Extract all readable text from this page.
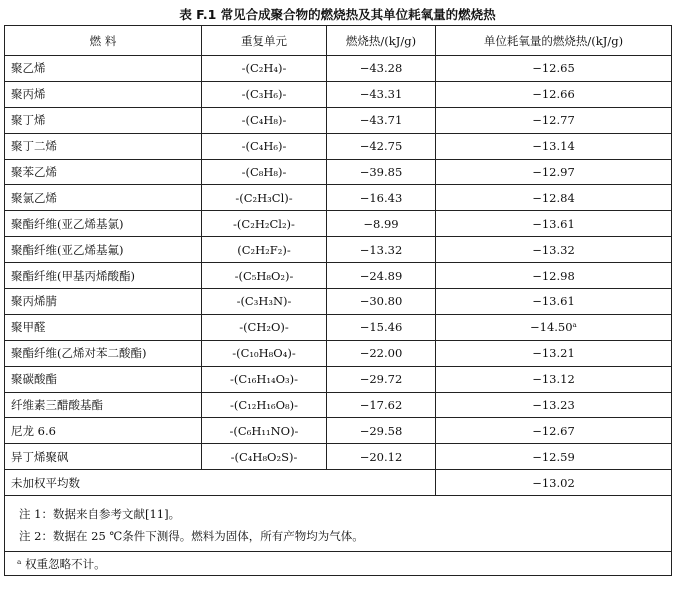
表 F.1 常见合成聚合物的燃烧热及其单位耗氧量的燃烧热
燃 料	重复单元	燃烧热/(kJ/g)	单位耗氧量的燃烧热/(kJ/g)
聚乙烯	-(C₂H₄)-	−43.28	−12.65
聚丙烯	-(C₃H₆)-	−43.31	−12.66
聚丁烯	-(C₄H₈)-	−43.71	−12.77
聚丁二烯	-(C₄H₆)-	−42.75	−13.14
聚苯乙烯	-(C₈H₈)-	−39.85	−12.97
聚氯乙烯	-(C₂H₃Cl)-	−16.43	−12.84
聚酯纤维(亚乙烯基氯)	-(C₂H₂Cl₂)-	−8.99	−13.61
聚酯纤维(亚乙烯基氟)	(C₂H₂F₂)-	−13.32	−13.32
聚酯纤维(甲基丙烯酸酯)	-(C₅H₈O₂)-	−24.89	−12.98
聚丙烯腈	-(C₃H₃N)-	−30.80	−13.61
聚甲醛	-(CH₂O)-	−15.46	−14.50ᵃ
聚酯纤维(乙烯对苯二酸酯)	-(C₁₀H₈O₄)-	−22.00	−13.21
聚碳酸酯	-(C₁₆H₁₄O₃)-	−29.72	−13.12
纤维素三醋酸基酯	-(C₁₂H₁₆O₈)-	−17.62	−13.23
尼龙 6.6	-(C₆H₁₁NO)-	−29.58	−12.67
异丁烯聚砜	-(C₄H₈O₂S)-	−20.12	−12.59
未加权平均数			−13.02

注 1：数据来自参考文献[11]。
注 2：数据在 25 ℃条件下测得。燃料为固体，所有产物均为气体。			

ᵃ 权重忽略不计。			
